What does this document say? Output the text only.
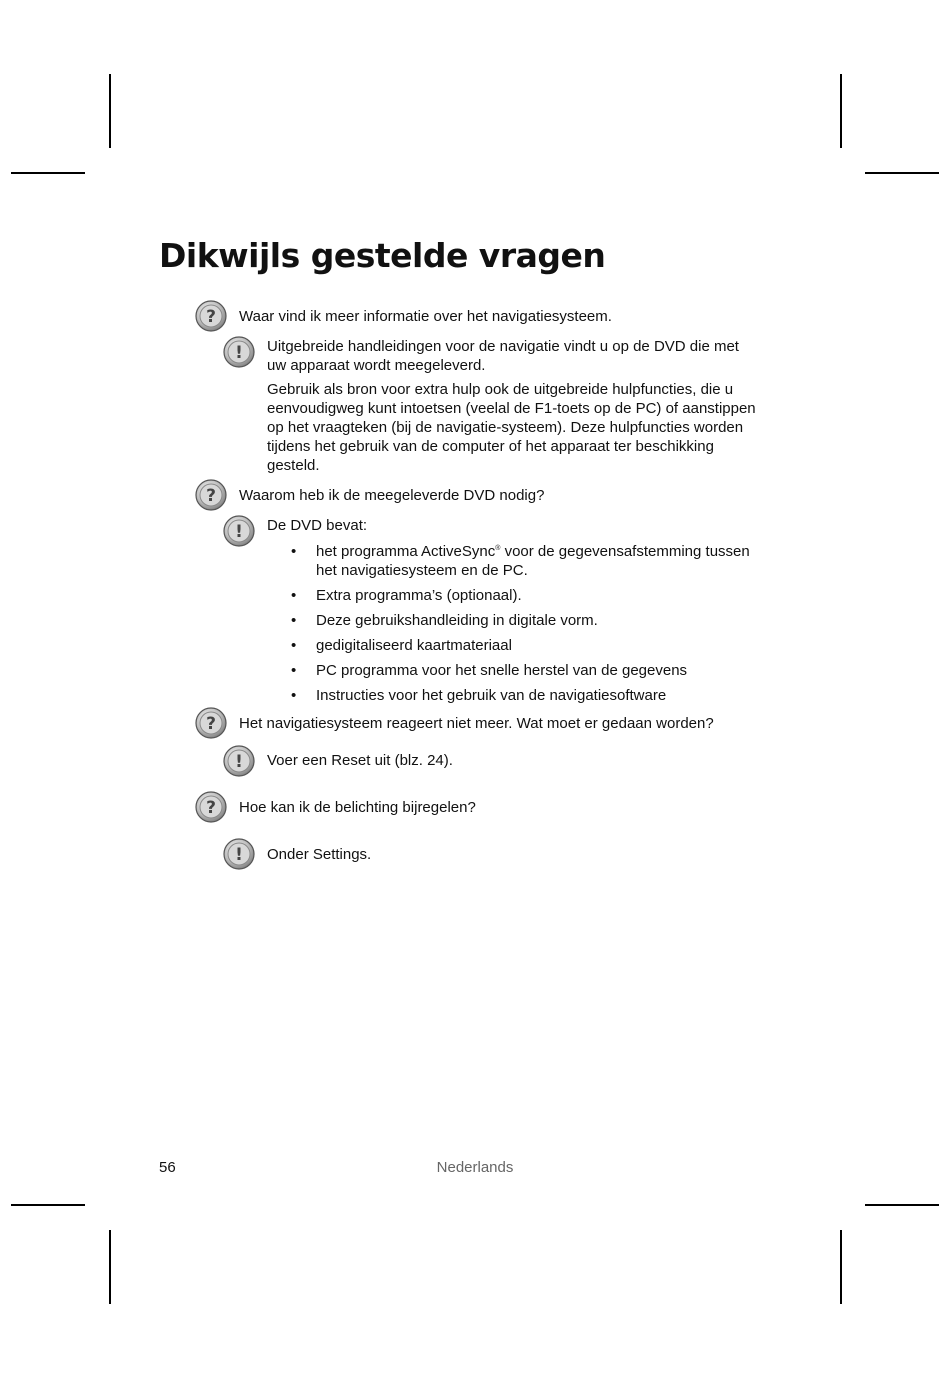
Dikwijls gestelde vragen
? Waar vind ik meer informatie over het navigatiesysteem.

! Uitgebreide handleidingen voor de navigatie vindt u op de DVD die met uw apparaat wordt meegeleverd.

Gebruik als bron voor extra hulp ook de uitgebreide hulpfuncties, die u eenvoudigweg kunt intoetsen (veelal de F1-toets op de PC) of aanstippen op het vraagteken (bij de navigatie-systeem). Deze hulpfuncties worden tijdens het gebruik van de computer of het apparaat ter beschikking gesteld.

? Waarom heb ik de meegeleverde DVD nodig?

! De DVD bevat:

• het programma ActiveSync® voor de gegevensafstemming tussen het navigatiesysteem en de PC.
• Extra programma’s (optionaal).
• Deze gebruikshandleiding in digitale vorm.
• gedigitaliseerd kaartmateriaal
• PC programma voor het snelle herstel van de gegevens
• Instructies voor het gebruik van de navigatiesoftware
? Het navigatiesysteem reageert niet meer. Wat moet er gedaan worden?

! Voer een Reset uit (blz. 24).

? Hoe kan ik de belichting bijregelen?

! Onder Settings.

Nederlands
56
